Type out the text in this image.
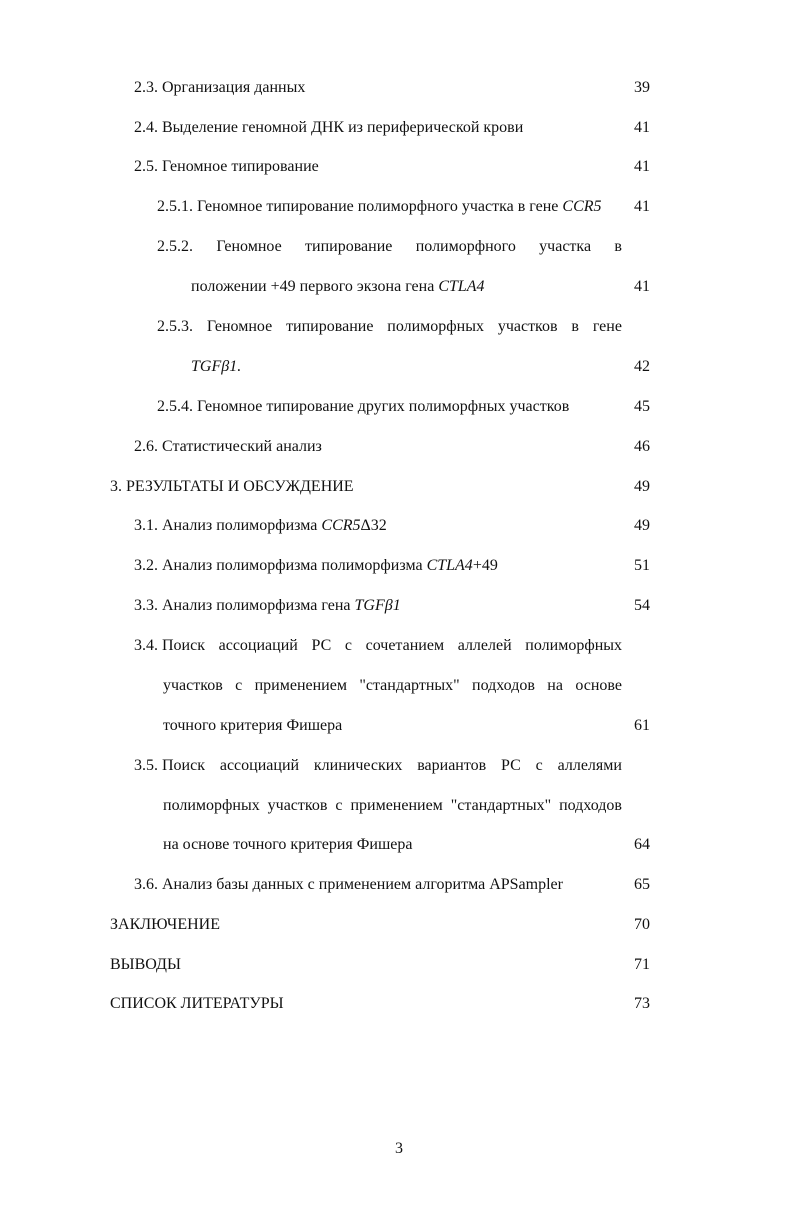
2.3. Организация данных	39
2.4. Выделение геномной ДНК из периферической крови	41
2.5. Геномное типирование	41
2.5.1. Геномное типирование полиморфного участка в гене CCR5 41
2.5.2. Геномное типирование полиморфного участка в
положении +49 первого экзона гена CTLA4	41
2.5.3. Геномное типирование полиморфных участков в гене
TGFβ1.	42
2.5.4. Геномное типирование других полиморфных участков	45
2.6. Статистический анализ	46
3. РЕЗУЛЬТАТЫ И ОБСУЖДЕНИЕ	49
3.1. Анализ полиморфизма CCR5Δ32	49
3.2. Анализ полиморфизма полиморфизма CTLA4+49	51
3.3. Анализ полиморфизма гена TGFβ1	54
3.4. Поиск ассоциаций РС с сочетанием аллелей полиморфных
участков с применением "стандартных" подходов на основе
точного критерия Фишера	61
3.5. Поиск ассоциаций клинических вариантов РС с аллелями
полиморфных участков с применением "стандартных" подходов
на основе точного критерия Фишера	64
3.6. Анализ базы данных с применением алгоритма APSampler	65
ЗАКЛЮЧЕНИЕ	70
ВЫВОДЫ	71
СПИСОК ЛИТЕРАТУРЫ	73
3
